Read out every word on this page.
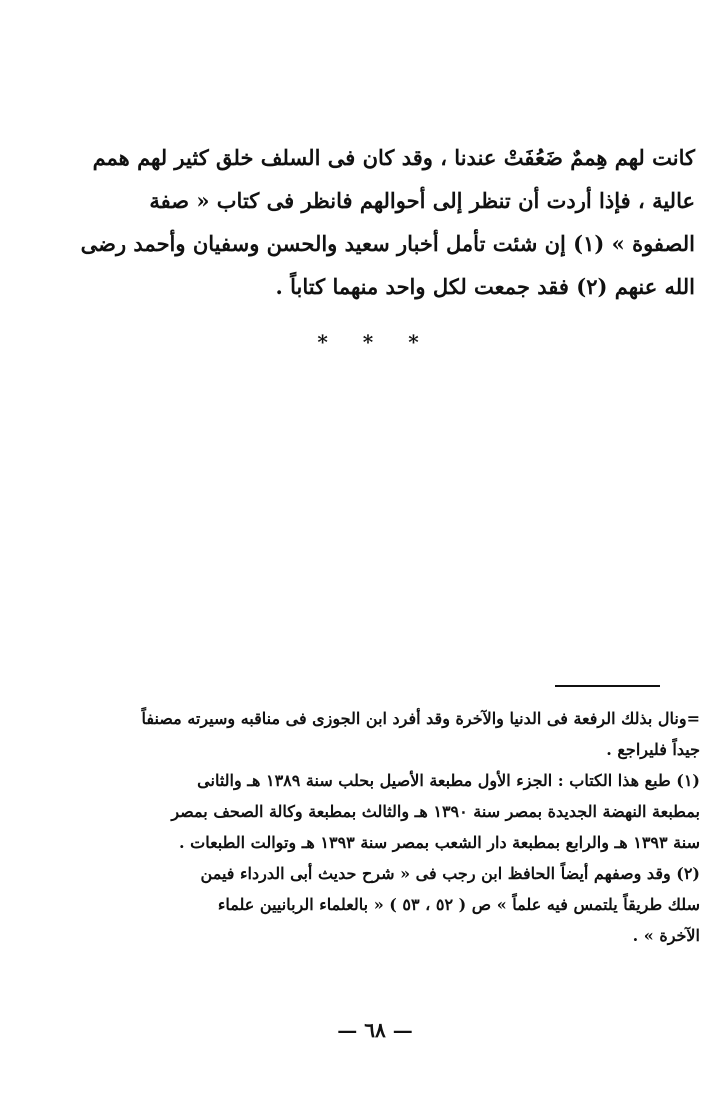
كانت لهم هِممٌ ضَعُفَتْ عندنا ، وقد كان فى السلف خلق كثير لهم همم
عالية ، فإذا أردت أن تنظر إلى أحوالهم فانظر فى كتاب « صفة
الصفوة » (١) إن شئت تأمل أخبار سعيد والحسن وسفيان وأحمد رضى
الله عنهم (٢) فقد جمعت لكل واحد منهما كتاباً .
* * *
=ونال بذلك الرفعة فى الدنيا والآخرة وقد أفرد ابن الجوزى فى مناقبه وسيرته مصنفاً
جيداً فليراجع .
(١) طبع هذا الكتاب : الجزء الأول مطبعة الأصيل بحلب سنة ١٣٨٩ هـ والثانى
بمطبعة النهضة الجديدة بمصر سنة ١٣٩٠ هـ والثالث بمطبعة وكالة الصحف بمصر
سنة ١٣٩٣ هـ والرابع بمطبعة دار الشعب بمصر سنة ١٣٩٣ هـ وتوالت الطبعات .
(٢) وقد وصفهم أيضاً الحافظ ابن رجب فى « شرح حديث أبى الدرداء فيمن
سلك طريقاً يلتمس فيه علماً » ص ( ٥٢ ، ٥٣ ) « بالعلماء الربانيين علماء
الآخرة » .
— ٦٨ —
